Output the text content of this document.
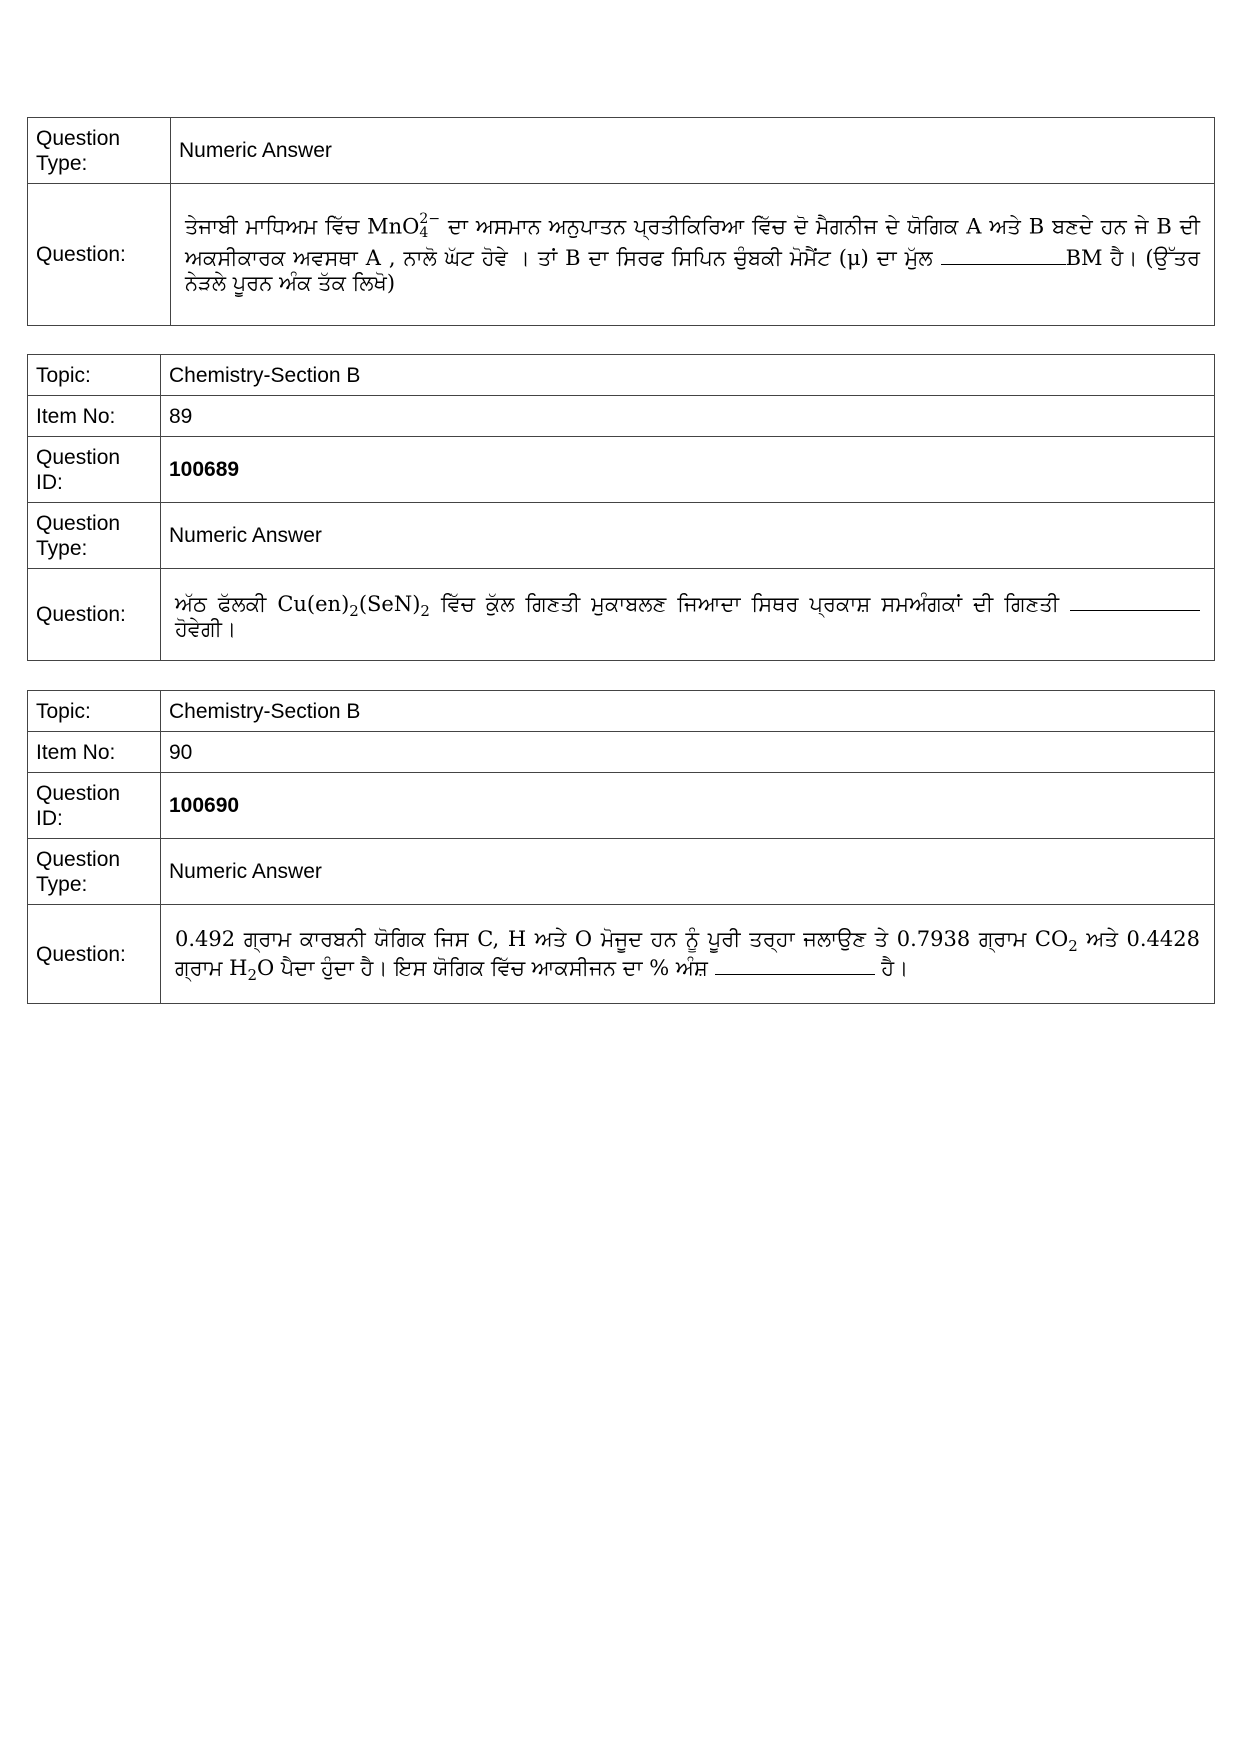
Question Type:	Numeric Answer
Question:	ਤੇਜਾਬੀ ਮਾਧਿਅਮ ਵਿੱਚ MnO 2−
4 ਦਾ ਅਸਮਾਨ ਅਨੁਪਾਤਨ ਪ੍ਰਤੀਕਿਰਿਆ ਵਿੱਚ ਦੋ ਮੈਗਨੀਜ ਦੇ ਯੋਗਿਕ A ਅਤੇ B ਬਣਦੇ ਹਨ ਜੇ B ਦੀ ਅਕਸੀਕਾਰਕ ਅਵਸਥਾ A , ਨਾਲੋ ਘੱਟ ਹੋਵੇ । ਤਾਂ B ਦਾ ਸਿਰਫ ਸਿਪਿਨ ਚੁੰਬਕੀ ਮੋਮੈਂਟ (μ) ਦਾ ਮੁੱਲ BM ਹੈ। (ਉੱਤਰ ਨੇੜਲੇ ਪੂਰਨ ਅੰਕ ਤੱਕ ਲਿਖੋ)
Topic:	Chemistry-Section B
Item No:	89
Question ID:	100689
Question Type:	Numeric Answer
Question:	ਅੱਠ ਫੱਲਕੀ $Cu(en)_2(SeN)_2$ ਵਿੱਚ ਕੁੱਲ ਗਿਣਤੀ ਮੁਕਾਬਲਣ ਜਿਆਦਾ ਸਿਥਰ ਪ੍ਰਕਾਸ਼ ਸਮਅੰਗਕਾਂ ਦੀ ਗਿਣਤੀ ਹੋਵੇਗੀ।
Topic:	Chemistry-Section B
Item No:	90
Question ID:	100690
Question Type:	Numeric Answer
Question:	0.492 ਗ੍ਰਾਮ ਕਾਰਬਨੀ ਯੋਗਿਕ ਜਿਸ C, H ਅਤੇ O ਮੋਜੂਦ ਹਨ ਨੂੰ ਪੂਰੀ ਤਰ੍ਹਾ ਜਲਾਉਣ ਤੇ 0.7938 ਗ੍ਰਾਮ $CO_2$ ਅਤੇ 0.4428 ਗ੍ਰਾਮ $H_2O$ ਪੈਦਾ ਹੁੰਦਾ ਹੈ। ਇਸ ਯੋਗਿਕ ਵਿੱਚ ਆਕਸੀਜਨ ਦਾ % ਅੰਸ਼ ਹੈ।
